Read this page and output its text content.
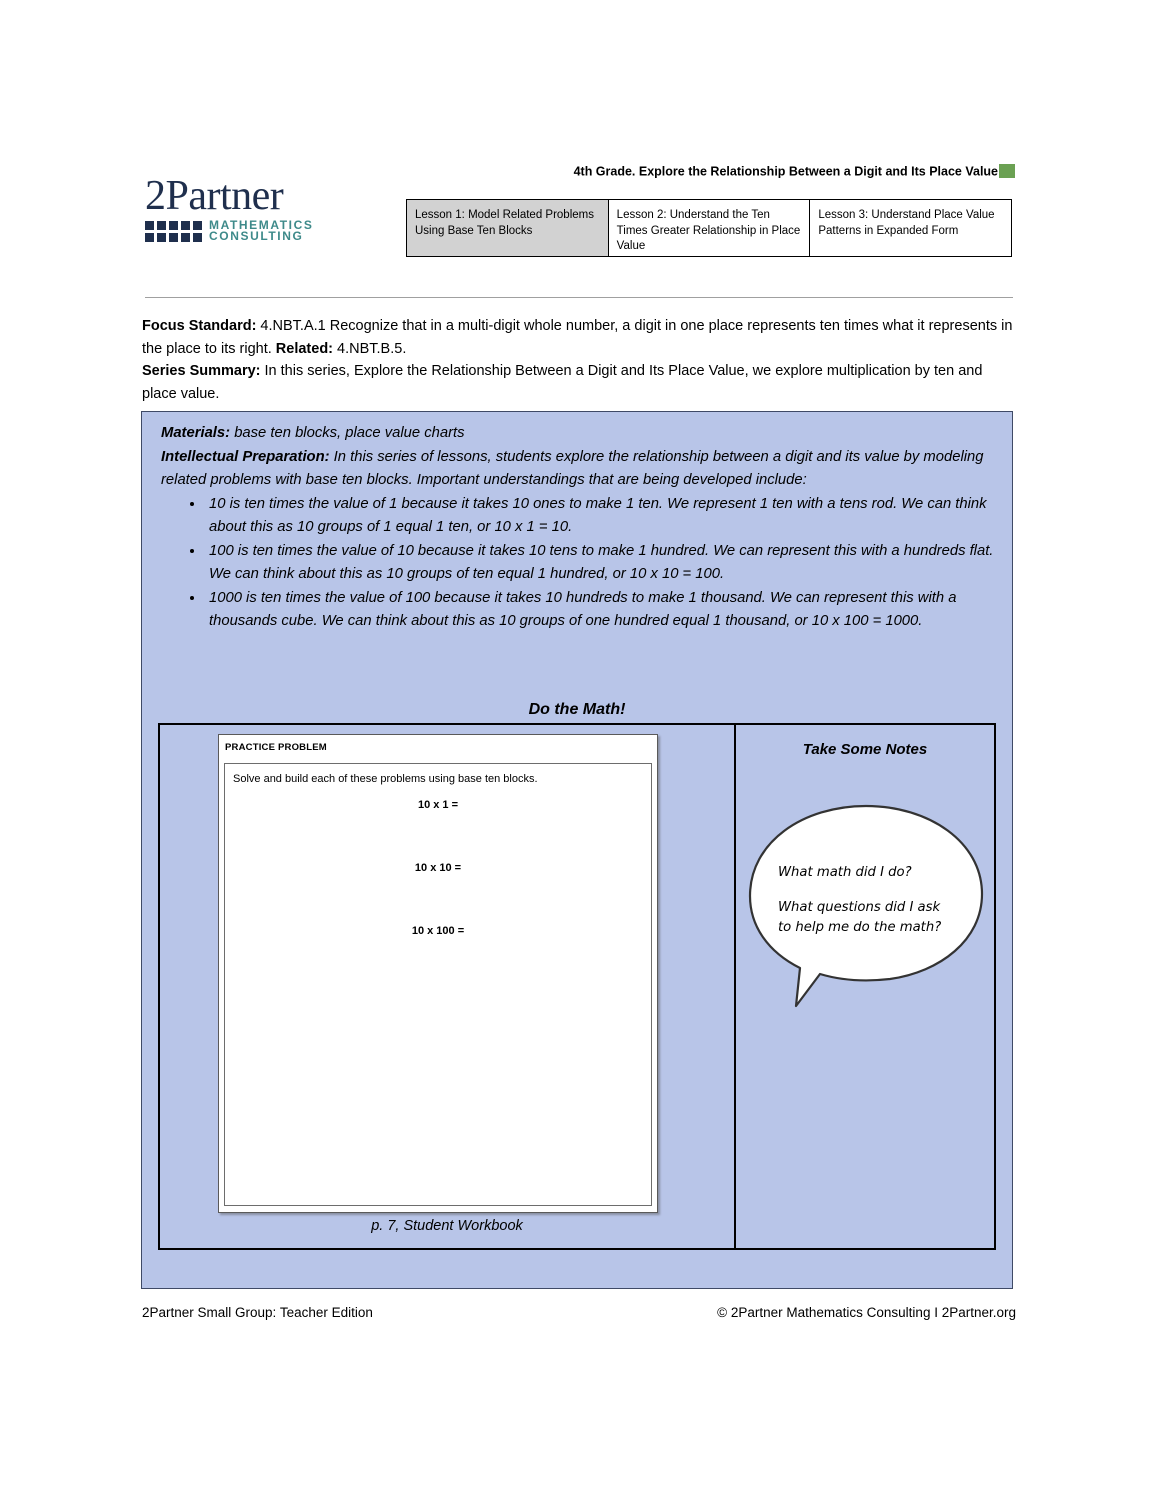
2Partner
MATHEMATICS
CONSULTING
4th Grade. Explore the Relationship Between a Digit and Its Place Value
Lesson 1: Model Related Problems Using Base Ten Blocks
Lesson 2: Understand the Ten Times Greater Relationship in Place Value
Lesson 3: Understand Place Value Patterns in Expanded Form
Focus Standard: 4.NBT.A.1 Recognize that in a multi-digit whole number, a digit in one place represents ten times what it represents in the place to its right. Related: 4.NBT.B.5.
Series Summary: In this series, Explore the Relationship Between a Digit and Its Place Value, we explore multiplication by ten and place value.
Materials: base ten blocks, place value charts
Intellectual Preparation: In this series of lessons, students explore the relationship between a digit and its value by modeling related problems with base ten blocks. Important understandings that are being developed include:
• 10 is ten times the value of 1 because it takes 10 ones to make 1 ten. We represent 1 ten with a tens rod. We can think about this as 10 groups of 1 equal 1 ten, or 10 x 1 = 10.
• 100 is ten times the value of 10 because it takes 10 tens to make 1 hundred. We can represent this with a hundreds flat. We can think about this as 10 groups of ten equal 1 hundred, or 10 x 10 = 100.
• 1000 is ten times the value of 100 because it takes 10 hundreds to make 1 thousand. We can represent this with a thousands cube. We can think about this as 10 groups of one hundred equal 1 thousand, or 10 x 100 = 1000.
Do the Math!
PRACTICE PROBLEM
Solve and build each of these problems using base ten blocks.
10 x 1 =
10 x 10 =
10 x 100 =
p. 7, Student Workbook
Take Some Notes

What math did I do?

What questions did I ask to help me do the math?

2Partner Small Group: Teacher Edition	© 2Partner Mathematics Consulting I 2Partner.org
